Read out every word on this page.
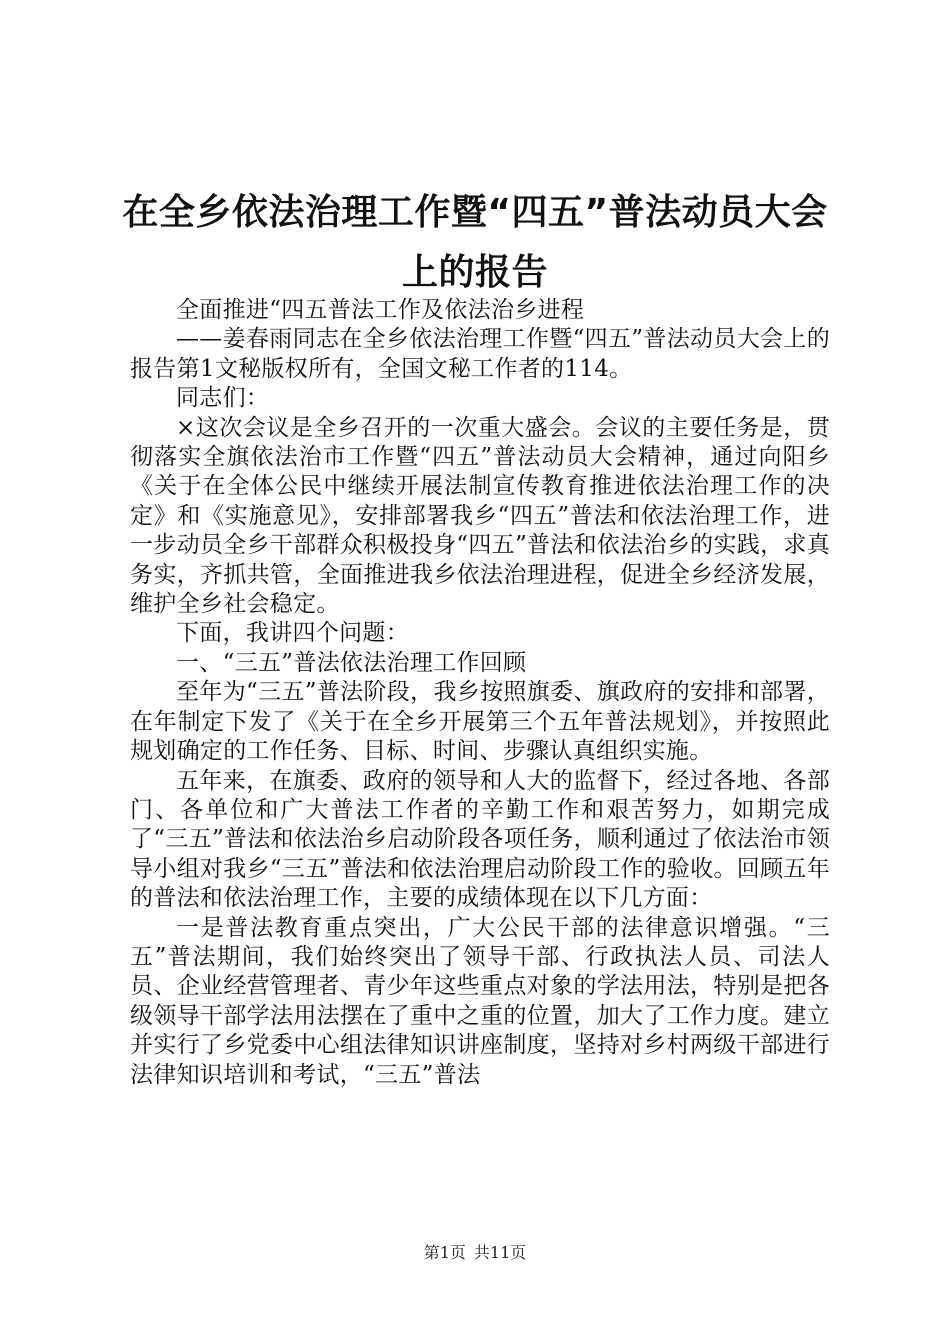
在全乡依法治理工作暨“四五”普法动员大会上的报告

全面推进“四五普法工作及依法治乡进程

——姜春雨同志在全乡依法治理工作暨“四五”普法动员大会上的报告第1文秘版权所有，全国文秘工作者的114。

同志们：

×这次会议是全乡召开的一次重大盛会。会议的主要任务是，贯彻落实全旗依法治市工作暨“四五”普法动员大会精神，通过向阳乡《关于在全体公民中继续开展法制宣传教育推进依法治理工作的决定》和《实施意见》，安排部署我乡“四五”普法和依法治理工作，进一步动员全乡干部群众积极投身“四五”普法和依法治乡的实践，求真务实，齐抓共管，全面推进我乡依法治理进程，促进全乡经济发展，维护全乡社会稳定。

下面，我讲四个问题：

一、“三五”普法依法治理工作回顾

至年为“三五”普法阶段，我乡按照旗委、旗政府的安排和部署，在年制定下发了《关于在全乡开展第三个五年普法规划》，并按照此规划确定的工作任务、目标、时间、步骤认真组织实施。

五年来，在旗委、政府的领导和人大的监督下，经过各地、各部门、各单位和广大普法工作者的辛勤工作和艰苦努力，如期完成了“三五”普法和依法治乡启动阶段各项任务，顺利通过了依法治市领导小组对我乡“三五”普法和依法治理启动阶段工作的验收。回顾五年的普法和依法治理工作，主要的成绩体现在以下几方面：

一是普法教育重点突出，广大公民干部的法律意识增强。“三五”普法期间，我们始终突出了领导干部、行政执法人员、司法人员、企业经营管理者、青少年这些重点对象的学法用法，特别是把各级领导干部学法用法摆在了重中之重的位置，加大了工作力度。建立并实行了乡党委中心组法律知识讲座制度，坚持对乡村两级干部进行法律知识培训和考试，“三五”普法

第1页 共11页
